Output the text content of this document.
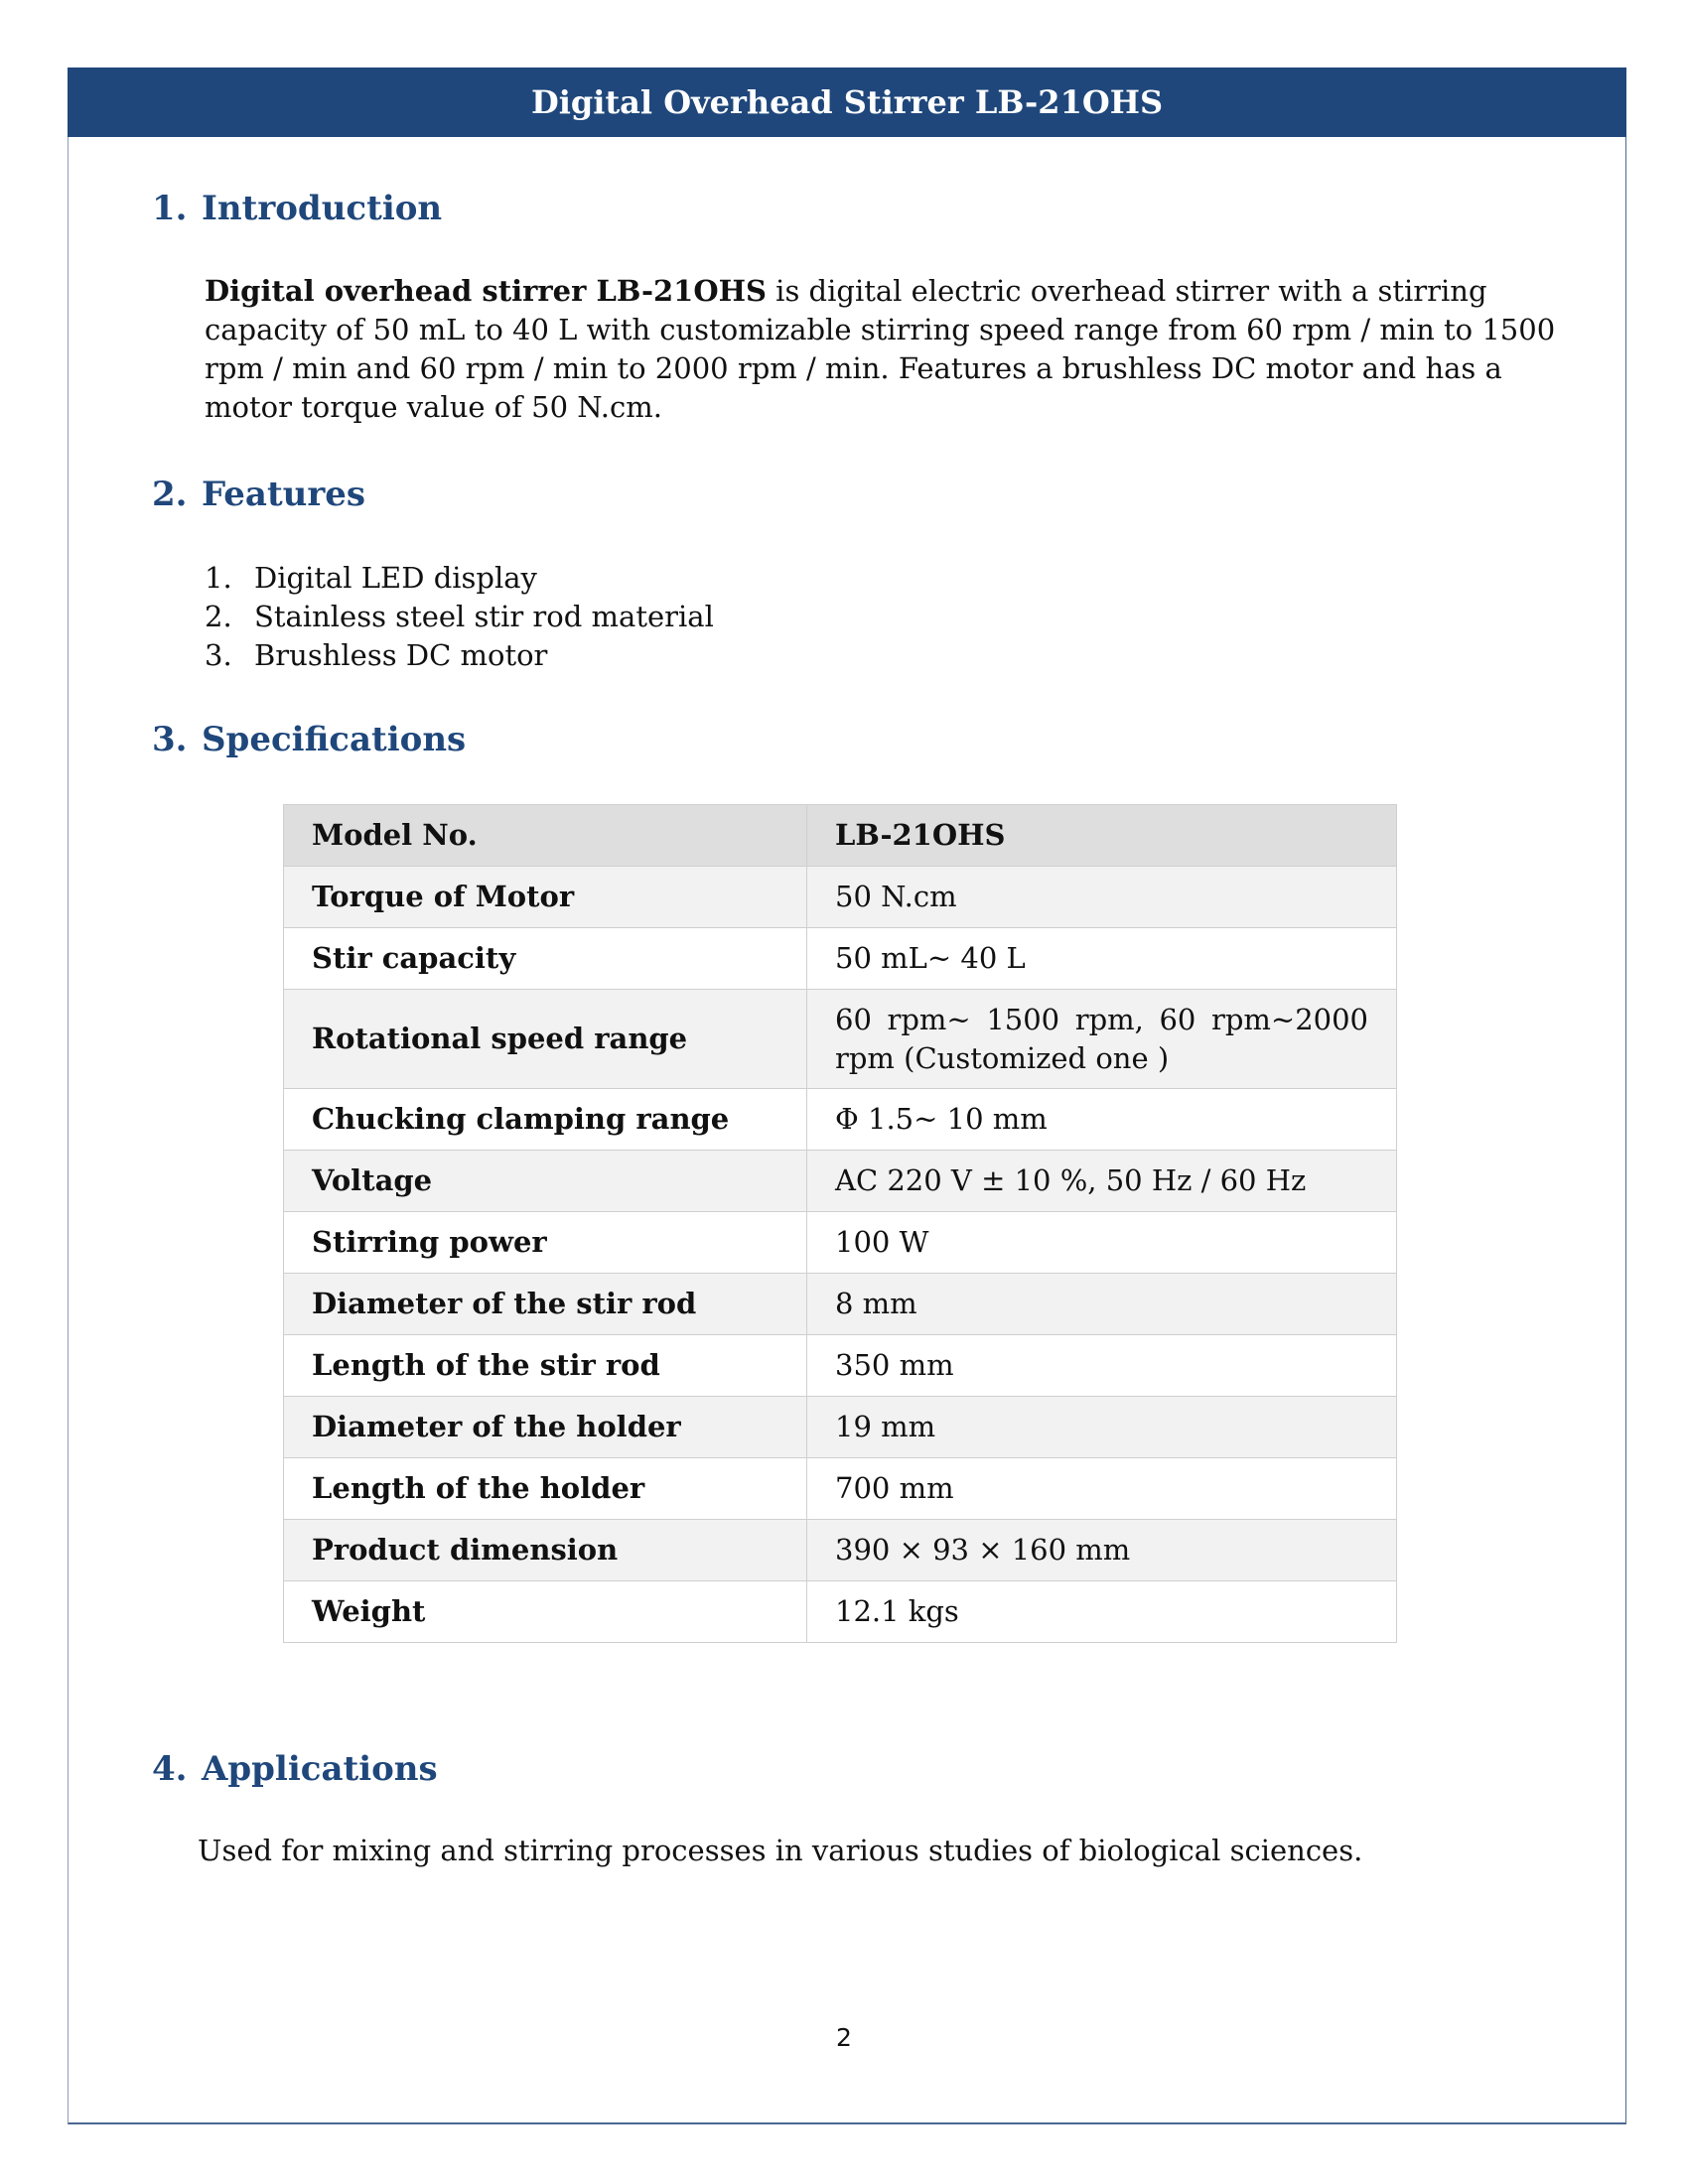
Digital Overhead Stirrer LB-21OHS
1. Introduction

Digital overhead stirrer LB-21OHS is digital electric overhead stirrer with a stirring capacity of 50 mL to 40 L with customizable stirring speed range from 60 rpm / min to 1500 rpm / min and 60 rpm / min to 2000 rpm / min. Features a brushless DC motor and has a motor torque value of 50 N.cm.

2. Features
1. Digital LED display
2. Stainless steel stir rod material
3. Brushless DC motor
3. Specifications
Model No.	LB-21OHS
Torque of Motor	50 N.cm
Stir capacity	50 mL~ 40 L
Rotational speed range	60 rpm~ 1500 rpm, 60 rpm~2000 rpm (Customized one )
Chucking clamping range	Φ 1.5~ 10 mm
Voltage	AC 220 V ± 10 %, 50 Hz / 60 Hz
Stirring power	100 W
Diameter of the stir rod	8 mm
Length of the stir rod	350 mm
Diameter of the holder	19 mm
Length of the holder	700 mm
Product dimension	390 × 93 × 160 mm
Weight	12.1 kgs
4. Applications

Used for mixing and stirring processes in various studies of biological sciences.

2
